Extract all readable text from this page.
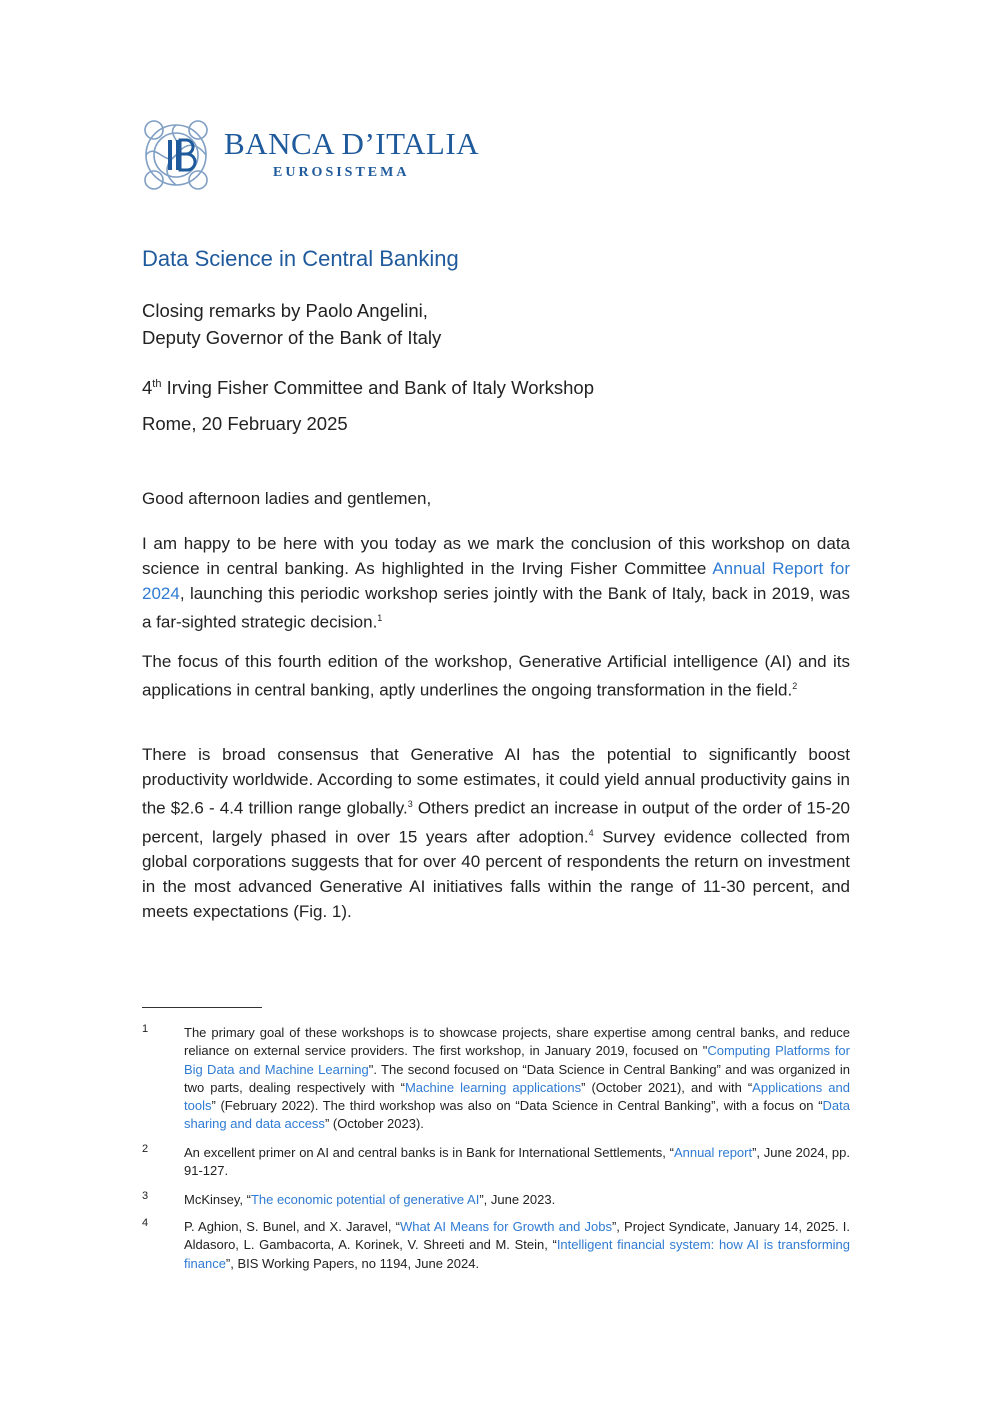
BANCA D’ITALIA
EUROSISTEMA
Data Science in Central Banking
Closing remarks by Paolo Angelini,
Deputy Governor of the Bank of Italy
4th Irving Fisher Committee and Bank of Italy Workshop
Rome, 20 February 2025
Good afternoon ladies and gentlemen,
I am happy to be here with you today as we mark the conclusion of this workshop on data science in central banking. As highlighted in the Irving Fisher Committee Annual Report for 2024, launching this periodic workshop series jointly with the Bank of Italy, back in 2019, was a far-sighted strategic decision.$^1$
The focus of this fourth edition of the workshop, Generative Artificial intelligence (AI) and its applications in central banking, aptly underlines the ongoing transformation in the field.$^2$
There is broad consensus that Generative AI has the potential to significantly boost productivity worldwide. According to some estimates, it could yield annual productivity gains in the $2.6 - 4.4 trillion range globally.$^3$ Others predict an increase in output of the order of 15-20 percent, largely phased in over 15 years after adoption.$^4$ Survey evidence collected from global corporations suggests that for over 40 percent of respondents the return on investment in the most advanced Generative AI initiatives falls within the range of 11-30 percent, and meets expectations (Fig. 1).
1	The primary goal of these workshops is to showcase projects, share expertise among central banks, and reduce reliance on external service providers. The first workshop, in January 2019, focused on "Computing Platforms for Big Data and Machine Learning". The second focused on “Data Science in Central Banking” and was organized in two parts, dealing respectively with “Machine learning applications” (October 2021), and with “Applications and tools” (February 2022). The third workshop was also on “Data Science in Central Banking”, with a focus on “Data sharing and data access” (October 2023).
2	An excellent primer on AI and central banks is in Bank for International Settlements, “Annual report”, June 2024, pp. 91-127.
3	McKinsey, “The economic potential of generative AI”, June 2023.
4	P. Aghion, S. Bunel, and X. Jaravel, “What AI Means for Growth and Jobs”, Project Syndicate, January 14, 2025. I. Aldasoro, L. Gambacorta, A. Korinek, V. Shreeti and M. Stein, “Intelligent financial system: how AI is transforming finance”, BIS Working Papers, no 1194, June 2024.
